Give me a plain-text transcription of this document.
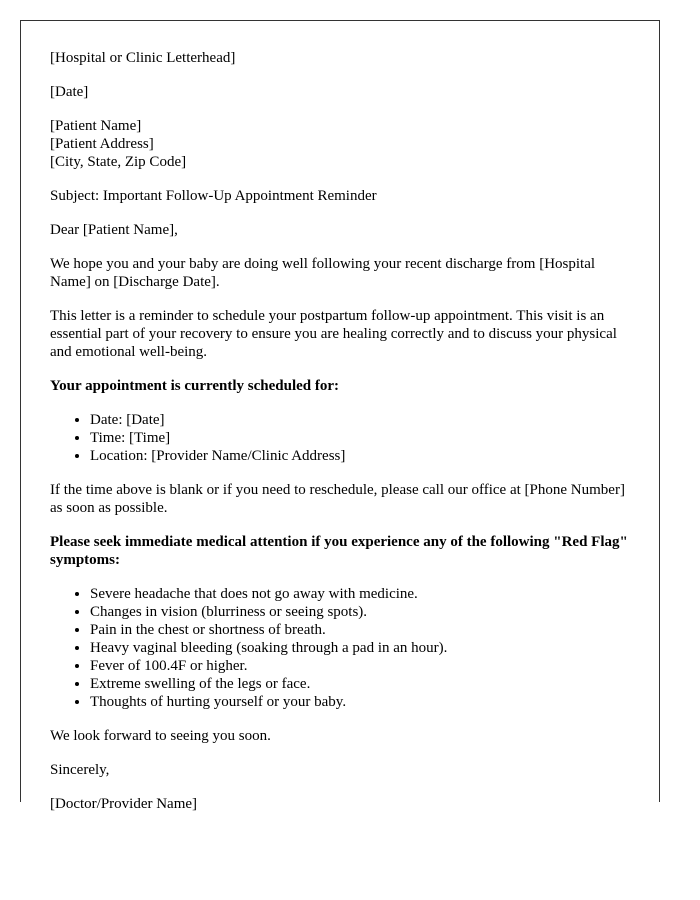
[Hospital or Clinic Letterhead]

[Date]

[Patient Name]

[Patient Address]

[City, State, Zip Code]

Subject: Important Follow-Up Appointment Reminder

Dear [Patient Name],

We hope you and your baby are doing well following your recent discharge from [Hospital Name] on [Discharge Date].

This letter is a reminder to schedule your postpartum follow-up appointment. This visit is an essential part of your recovery to ensure you are healing correctly and to discuss your physical and emotional well-being.

Your appointment is currently scheduled for:

• Date: [Date]
• Time: [Time]
• Location: [Provider Name/Clinic Address]

If the time above is blank or if you need to reschedule, please call our office at [Phone Number] as soon as possible.

Please seek immediate medical attention if you experience any of the following "Red Flag" symptoms:

• Severe headache that does not go away with medicine.
• Changes in vision (blurriness or seeing spots).
• Pain in the chest or shortness of breath.
• Heavy vaginal bleeding (soaking through a pad in an hour).
• Fever of 100.4F or higher.
• Extreme swelling of the legs or face.
• Thoughts of hurting yourself or your baby.

We look forward to seeing you soon.

Sincerely,

[Doctor/Provider Name]
